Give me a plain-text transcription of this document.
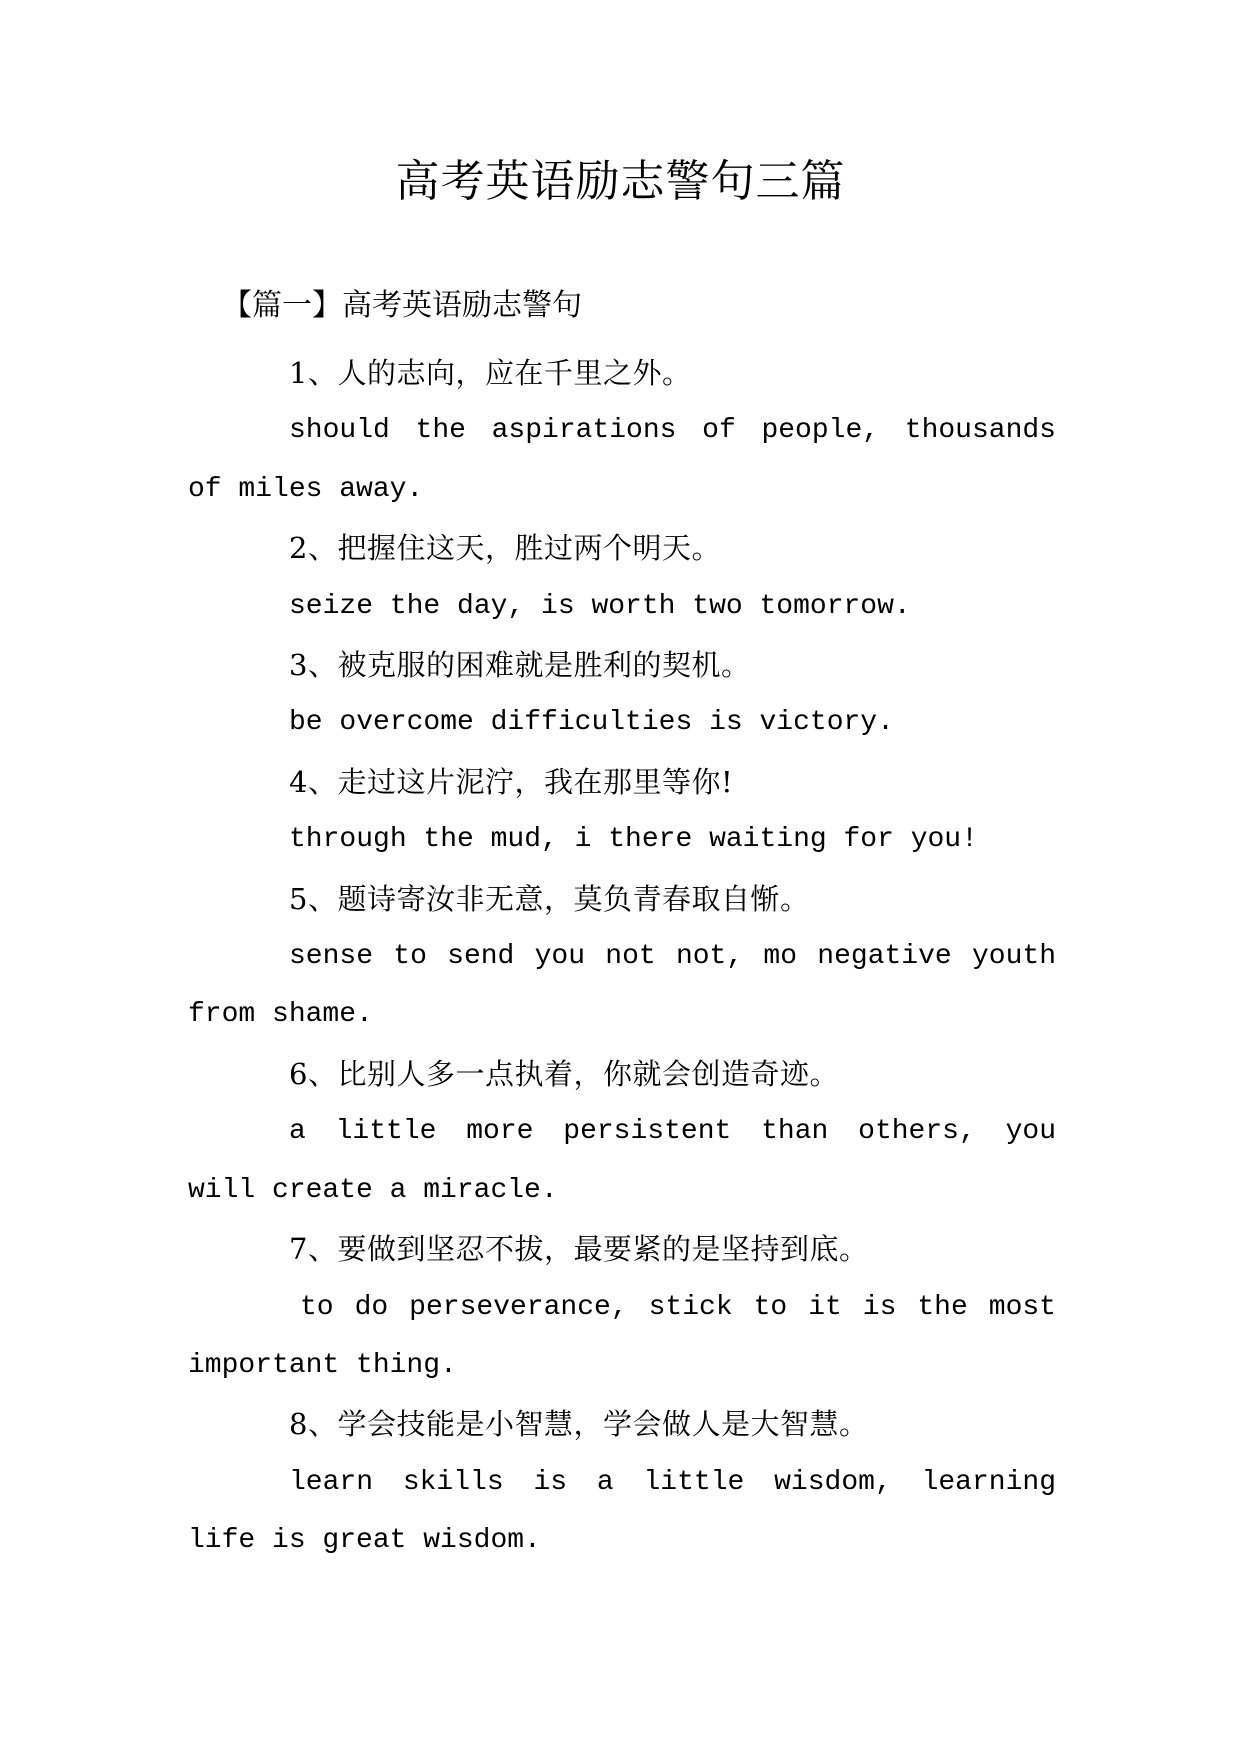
高考英语励志警句三篇
【篇一】高考英语励志警句

1、人的志向，应在千里之外。

should the aspirations of people, thousands of miles away.

2、把握住这天，胜过两个明天。

seize the day, is worth two tomorrow.

3、被克服的困难就是胜利的契机。

be overcome difficulties is victory.

4、走过这片泥泞，我在那里等你!

through the mud, i there waiting for you!

5、题诗寄汝非无意，莫负青春取自惭。

sense to send you not not, mo negative youth from shame.

6、比别人多一点执着，你就会创造奇迹。

a little more persistent than others, you will create a miracle.

7、要做到坚忍不拔，最要紧的是坚持到底。

to do perseverance, stick to it is the most important thing.

8、学会技能是小智慧，学会做人是大智慧。

learn skills is a little wisdom, learning life is great wisdom.
